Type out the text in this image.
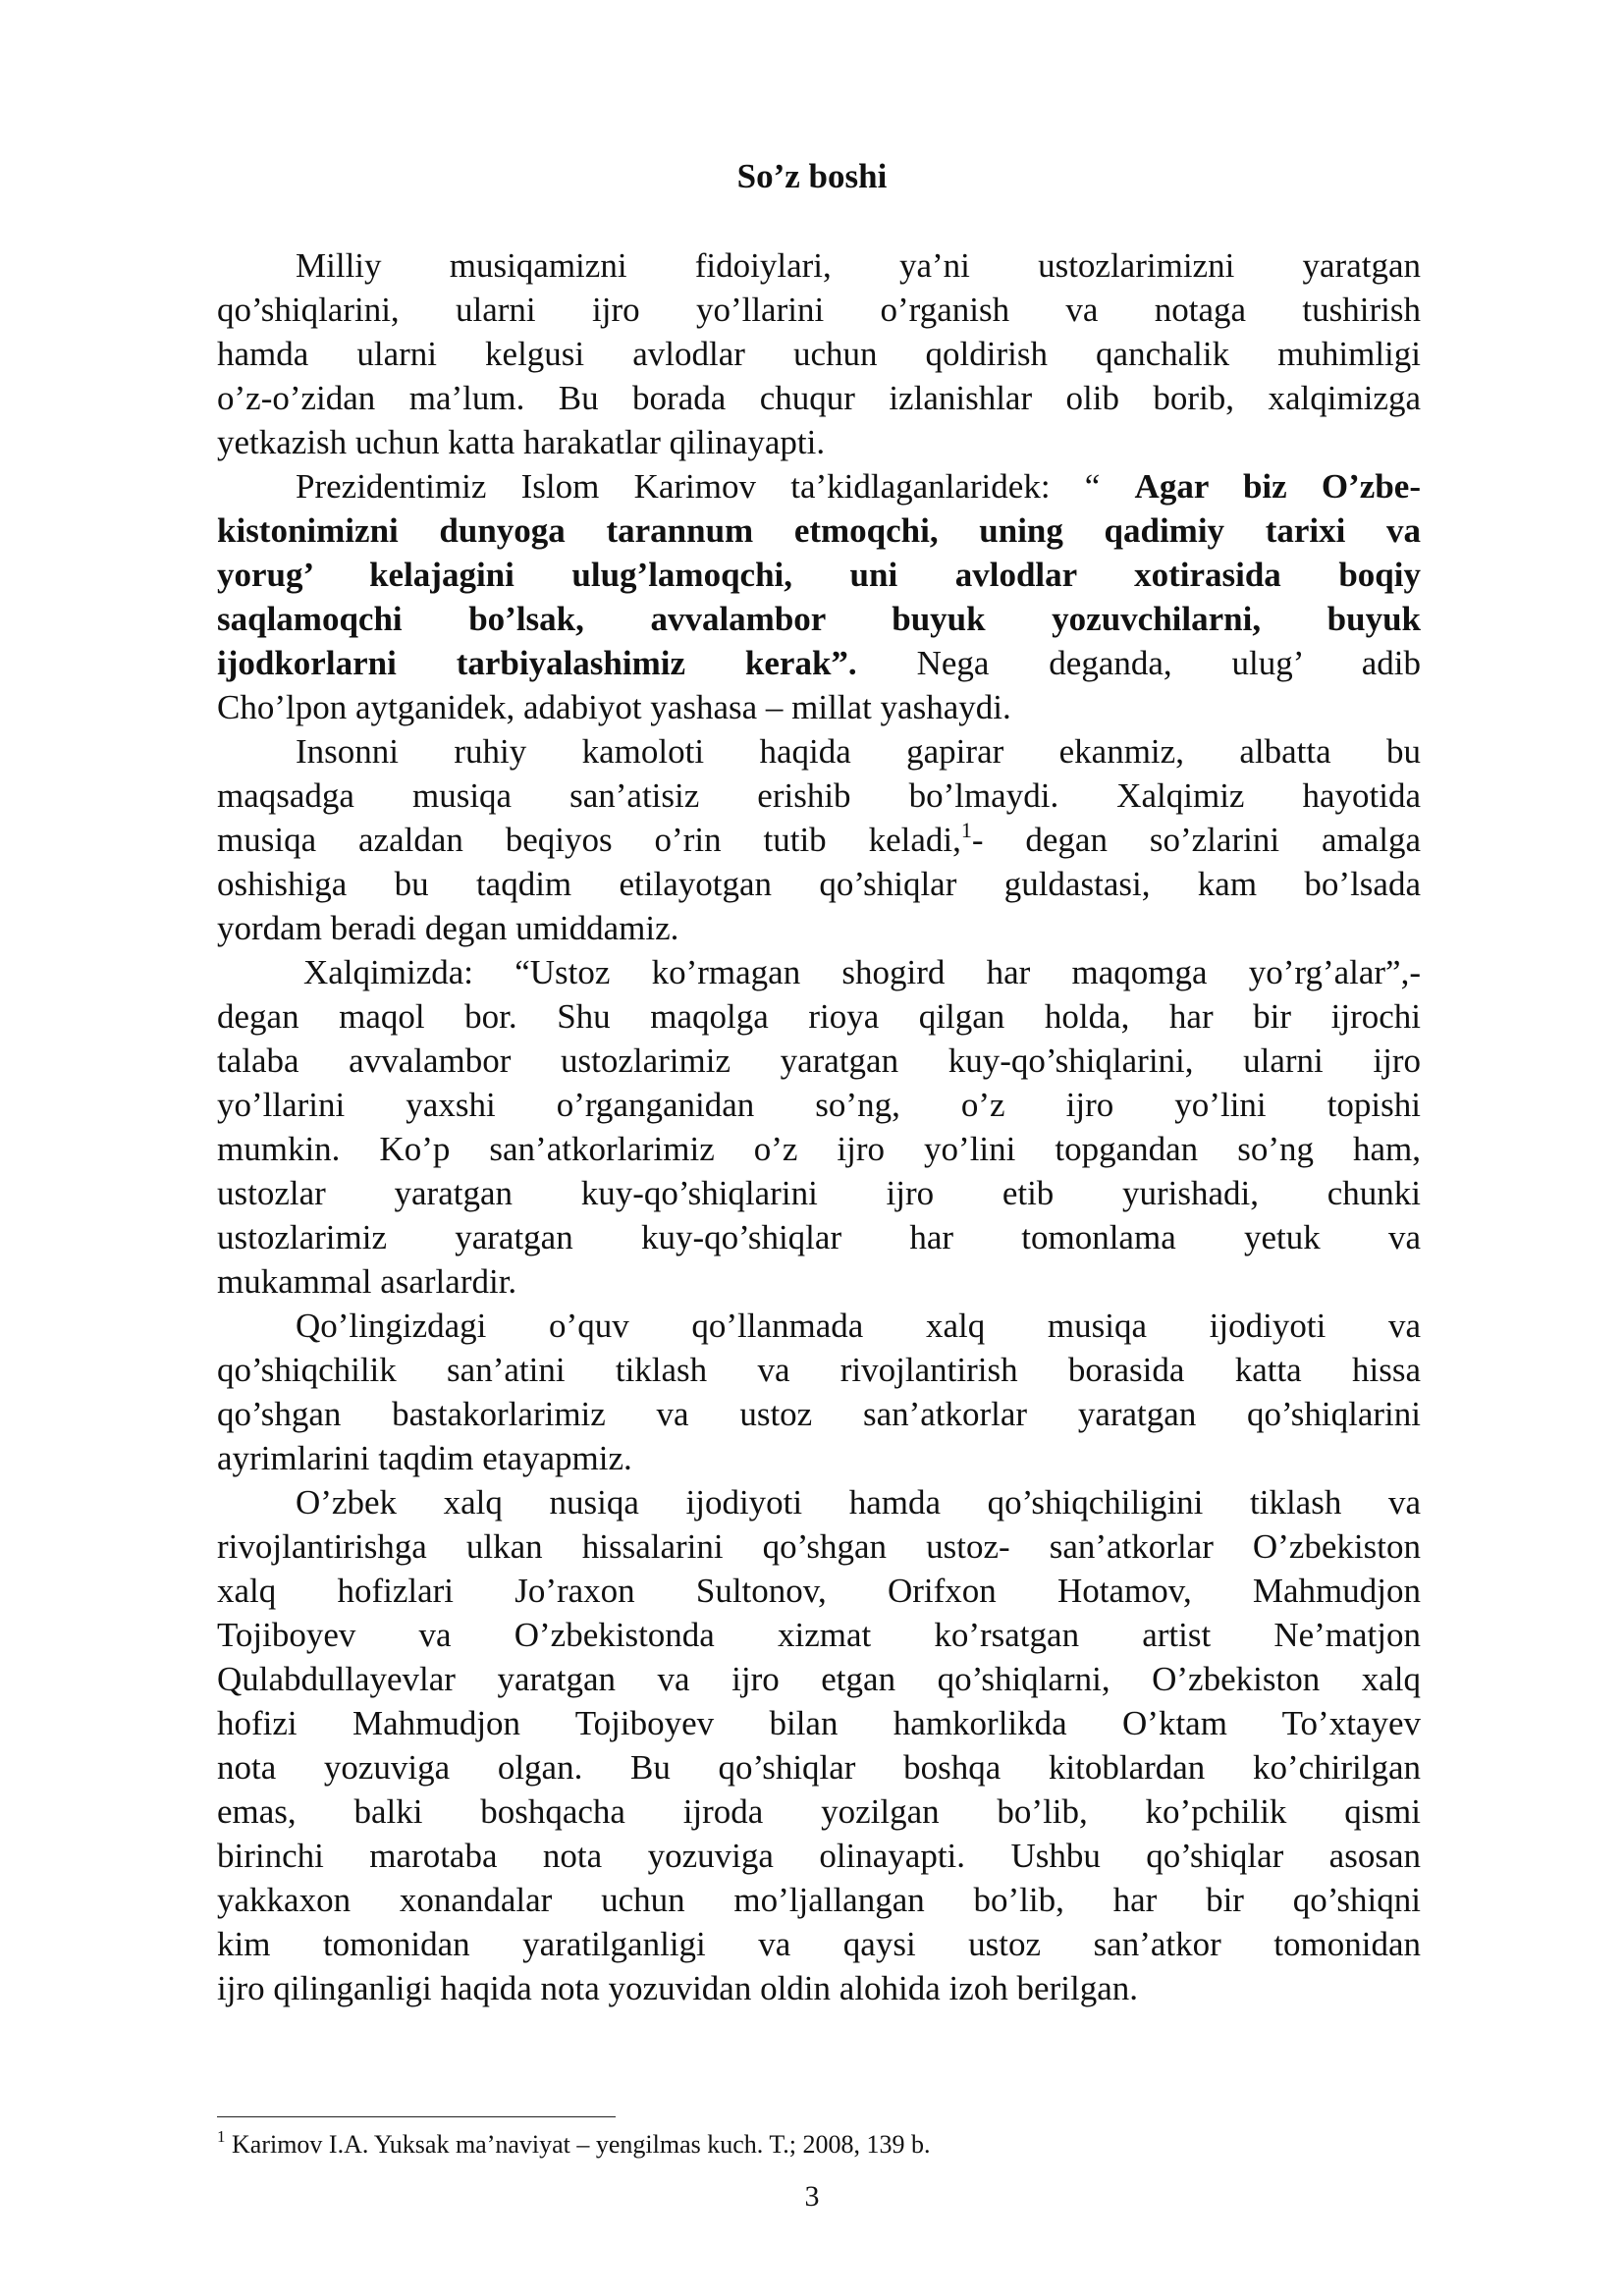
So’z boshi

Milliy musiqamizni fidoiylari, ya’ni ustozlarimizni yaratgan
qo’shiqlarini, ularni ijro yo’llarini o’rganish va notaga tushirish
hamda ularni kelgusi avlodlar uchun qoldirish qanchalik muhimligi
o’z-o’zidan ma’lum. Bu borada chuqur izlanishlar olib borib, xalqimizga
yetkazish uchun katta harakatlar qilinayapti.

Prezidentimiz Islom Karimov ta’kidlaganlaridek: “ Agar biz O’zbe-
kistonimizni dunyoga tarannum etmoqchi, uning qadimiy tarixi va
yorug’ kelajagini ulug’lamoqchi, uni avlodlar xotirasida boqiy
saqlamoqchi bo’lsak, avvalambor buyuk yozuvchilarni, buyuk
ijodkorlarni tarbiyalashimiz kerak”. Nega deganda, ulug’ adib
Cho’lpon aytganidek, adabiyot yashasa – millat yashaydi.

Insonni ruhiy kamoloti haqida gapirar ekanmiz, albatta bu
maqsadga musiqa san’atisiz erishib bo’lmaydi. Xalqimiz hayotida
musiqa azaldan beqiyos o’rin tutib keladi,$^1$- degan so’zlarini amalga
oshishiga bu taqdim etilayotgan qo’shiqlar guldastasi, kam bo’lsada
yordam beradi degan umiddamiz.

Xalqimizda: “Ustoz ko’rmagan shogird har maqomga yo’rg’alar”,-
degan maqol bor. Shu maqolga rioya qilgan holda, har bir ijrochi
talaba avvalambor ustozlarimiz yaratgan kuy-qo’shiqlarini, ularni ijro
yo’llarini yaxshi o’rganganidan so’ng, o’z ijro yo’lini topishi
mumkin. Ko’p san’atkorlarimiz o’z ijro yo’lini topgandan so’ng ham,
ustozlar yaratgan kuy-qo’shiqlarini ijro etib yurishadi, chunki
ustozlarimiz yaratgan kuy-qo’shiqlar har tomonlama yetuk va
mukammal asarlardir.

Qo’lingizdagi o’quv qo’llanmada xalq musiqa ijodiyoti va
qo’shiqchilik san’atini tiklash va rivojlantirish borasida katta hissa
qo’shgan bastakorlarimiz va ustoz san’atkorlar yaratgan qo’shiqlarini
ayrimlarini taqdim etayapmiz.

O’zbek xalq nusiqa ijodiyoti hamda qo’shiqchiligini tiklash va
rivojlantirishga ulkan hissalarini qo’shgan ustoz- san’atkorlar O’zbekiston
xalq hofizlari Jo’raxon Sultonov, Orifxon Hotamov, Mahmudjon
Tojiboyev va O’zbekistonda xizmat ko’rsatgan artist Ne’matjon
Qulabdullayevlar yaratgan va ijro etgan qo’shiqlarni, O’zbekiston xalq
hofizi Mahmudjon Tojiboyev bilan hamkorlikda O’ktam To’xtayev
nota yozuviga olgan. Bu qo’shiqlar boshqa kitoblardan ko’chirilgan
emas, balki boshqacha ijroda yozilgan bo’lib, ko’pchilik qismi
birinchi marotaba nota yozuviga olinayapti. Ushbu qo’shiqlar asosan
yakkaxon xonandalar uchun mo’ljallangan bo’lib, har bir qo’shiqni
kim tomonidan yaratilganligi va qaysi ustoz san’atkor tomonidan
ijro qilinganligi haqida nota yozuvidan oldin alohida izoh berilgan.

$^1$ Karimov I.A. Yuksak ma’naviyat – yengilmas kuch. T.; 2008, 139 b.
3
